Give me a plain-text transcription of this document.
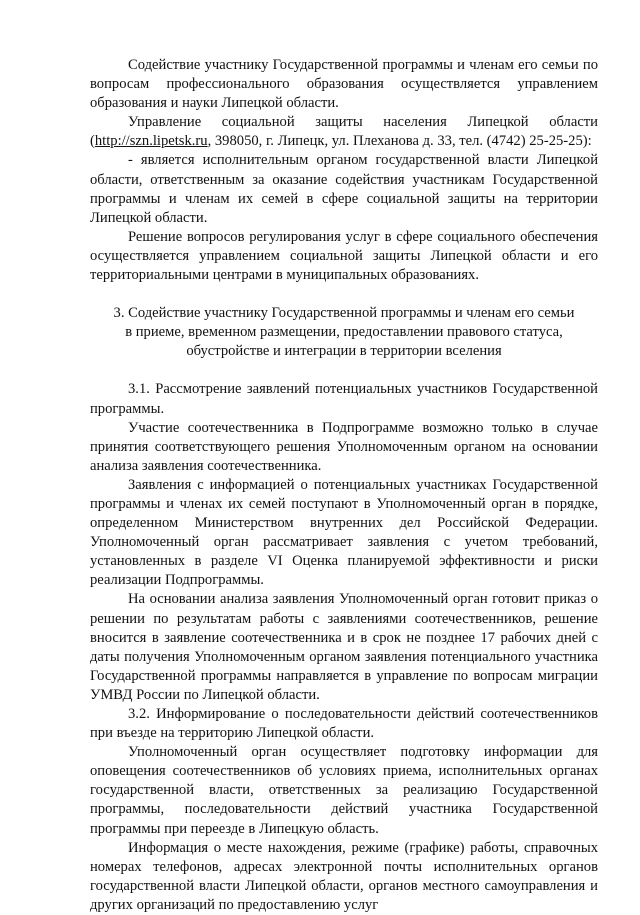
Содействие участнику Государственной программы и членам его семьи по вопросам профессионального образования осуществляется управлением образования и науки Липецкой области.

Управление социальной защиты населения Липецкой области (http://szn.lipetsk.ru, 398050, г. Липецк, ул. Плеханова д. 33, тел. (4742) 25-25-25):

- является исполнительным органом государственной власти Липецкой области, ответственным за оказание содействия участникам Государственной программы и членам их семей в сфере социальной защиты на территории Липецкой области.

Решение вопросов регулирования услуг в сфере социального обеспечения осуществляется управлением социальной защиты Липецкой области и его территориальными центрами в муниципальных образованиях.

3. Содействие участнику Государственной программы и членам его семьи
в приеме, временном размещении, предоставлении правового статуса,
обустройстве и интеграции в территории вселения

3.1. Рассмотрение заявлений потенциальных участников Государственной программы.

Участие соотечественника в Подпрограмме возможно только в случае принятия соответствующего решения Уполномоченным органом на основании анализа заявления соотечественника.

Заявления с информацией о потенциальных участниках Государственной программы и членах их семей поступают в Уполномоченный орган в порядке, определенном Министерством внутренних дел Российской Федерации. Уполномоченный орган рассматривает заявления с учетом требований, установленных в разделе VI Оценка планируемой эффективности и риски реализации Подпрограммы.

На основании анализа заявления Уполномоченный орган готовит приказ о решении по результатам работы с заявлениями соотечественников, решение вносится в заявление соотечественника и в срок не позднее 17 рабочих дней с даты получения Уполномоченным органом заявления потенциального участника Государственной программы направляется в управление по вопросам миграции УМВД России по Липецкой области.

3.2. Информирование о последовательности действий соотечественников при въезде на территорию Липецкой области.

Уполномоченный орган осуществляет подготовку информации для оповещения соотечественников об условиях приема, исполнительных органах государственной власти, ответственных за реализацию Государственной программы, последовательности действий участника Государственной программы при переезде в Липецкую область.

Информация о месте нахождения, режиме (графике) работы, справочных номерах телефонов, адресах электронной почты исполнительных органов государственной власти Липецкой области, органов местного самоуправления и других организаций по предоставлению услуг
